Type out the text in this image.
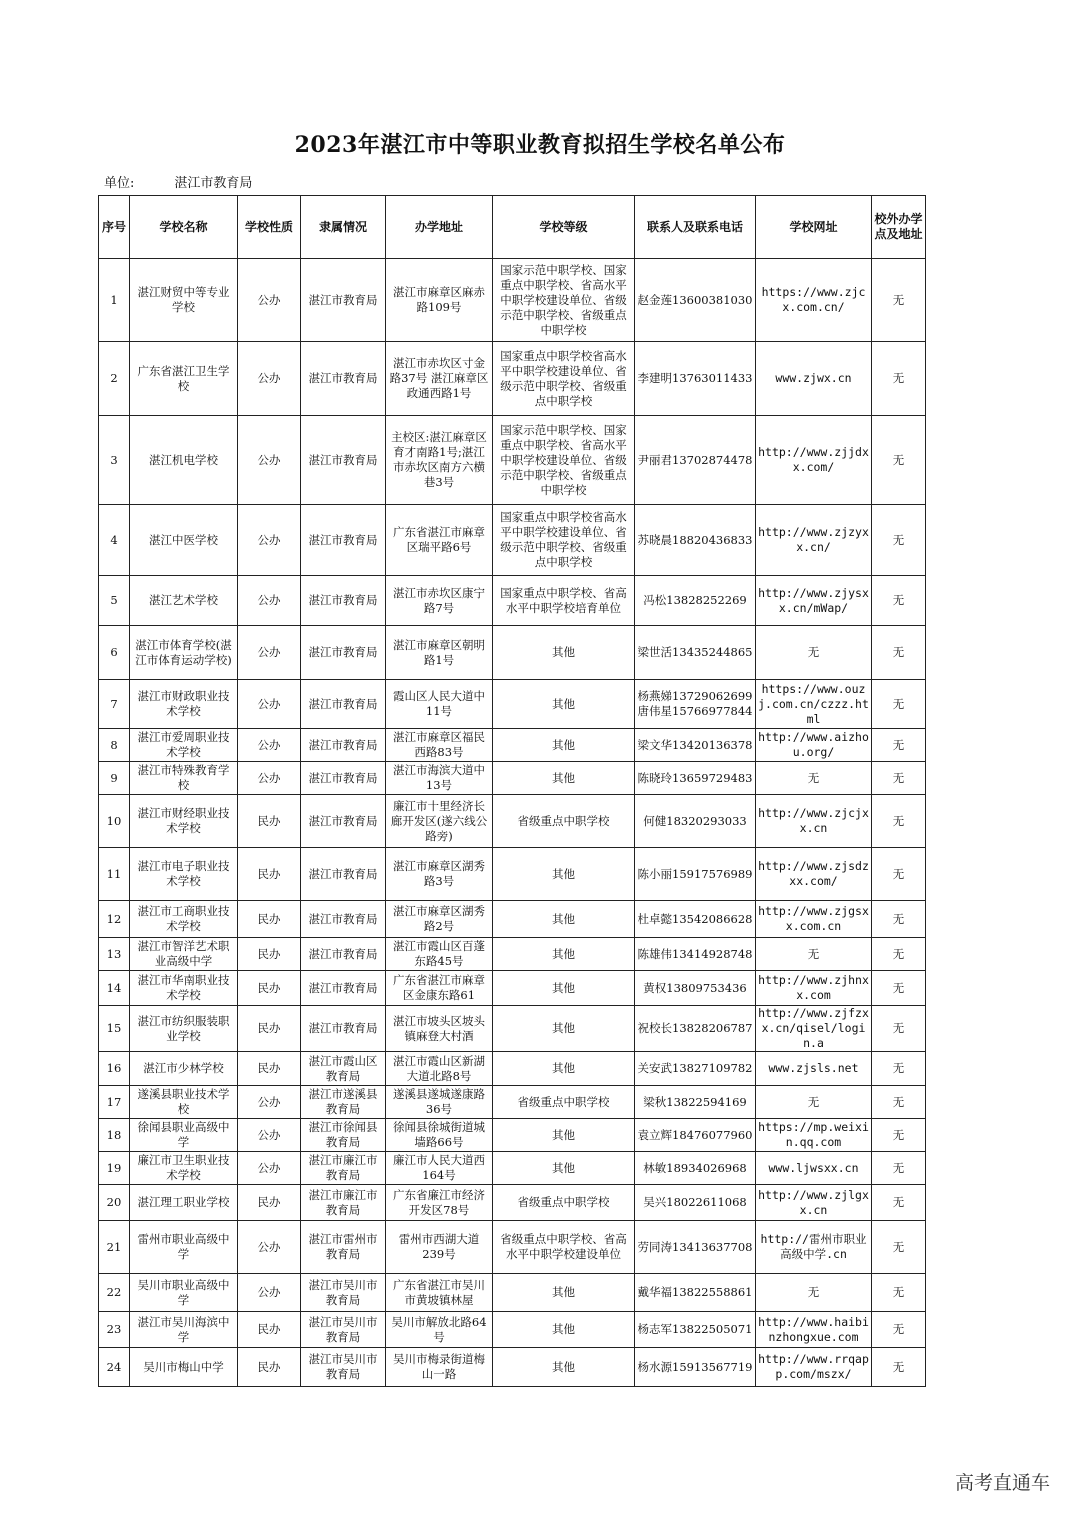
2023年湛江市中等职业教育拟招生学校名单公布
单位:	湛江市教育局
序号	学校名称	学校性质	隶属情况	办学地址	学校等级	联系人及联系电话	学校网址	校外办学点及地址
1	湛江财贸中等专业学校	公办	湛江市教育局	湛江市麻章区麻赤路109号	国家示范中职学校、国家重点中职学校、省高水平中职学校建设单位、省级示范中职学校、省级重点中职学校	赵金莲13600381030	https://www.zjcx.com.cn/	无
2	广东省湛江卫生学校	公办	湛江市教育局	湛江市赤坎区寸金路37号 湛江麻章区政通西路1号	国家重点中职学校省高水平中职学校建设单位、省级示范中职学校、省级重点中职学校	李建明13763011433	www.zjwx.cn	无
3	湛江机电学校	公办	湛江市教育局	主校区:湛江麻章区育才南路1号;湛江市赤坎区南方六横巷3号	国家示范中职学校、国家重点中职学校、省高水平中职学校建设单位、省级示范中职学校、省级重点中职学校	尹丽君13702874478	http://www.zjjdxx.com/	无
4	湛江中医学校	公办	湛江市教育局	广东省湛江市麻章区瑞平路6号	国家重点中职学校省高水平中职学校建设单位、省级示范中职学校、省级重点中职学校	苏晓晨18820436833	http://www.zjzyxx.cn/	无
5	湛江艺术学校	公办	湛江市教育局	湛江市赤坎区康宁路7号	国家重点中职学校、省高水平中职学校培育单位	冯松13828252269	http://www.zjysxx.cn/mWap/	无
6	湛江市体育学校(湛江市体育运动学校)	公办	湛江市教育局	湛江市麻章区朝明路1号	其他	梁世活13435244865	无	无
7	湛江市财政职业技术学校	公办	湛江市教育局	霞山区人民大道中11号	其他	杨燕娣13729062699 唐伟星15766977844	https://www.ouzj.com.cn/czzz.html	无
8	湛江市爱周职业技术学校	公办	湛江市教育局	湛江市麻章区福民西路83号	其他	梁文华13420136378	http://www.aizhou.org/	无
9	湛江市特殊教育学校	公办	湛江市教育局	湛江市海滨大道中13号	其他	陈晓玲13659729483	无	无
10	湛江市财经职业技术学校	民办	湛江市教育局	廉江市十里经济长廊开发区(遂六线公路旁)	省级重点中职学校	何健18320293033	http://www.zjcjxx.cn	无
11	湛江市电子职业技术学校	民办	湛江市教育局	湛江市麻章区湖秀路3号	其他	陈小丽15917576989	http://www.zjsdzxx.com/	无
12	湛江市工商职业技术学校	民办	湛江市教育局	湛江市麻章区湖秀路2号	其他	杜卓懿13542086628	http://www.zjgsxx.com.cn	无
13	湛江市智洋艺术职业高级中学	民办	湛江市教育局	湛江市霞山区百蓬东路45号	其他	陈雄伟13414928748	无	无
14	湛江市华南职业技术学校	民办	湛江市教育局	广东省湛江市麻章区金康东路61	其他	黄权13809753436	http://www.zjhnxx.com	无
15	湛江市纺织服装职业学校	民办	湛江市教育局	湛江市坡头区坡头镇麻登大村酒	其他	祝校长13828206787	http://www.zjfzxx.cn/qisel/login.a	无
16	湛江市少林学校	民办	湛江市霞山区教育局	湛江市霞山区新湖大道北路8号	其他	关安武13827109782	www.zjsls.net	无
17	遂溪县职业技术学校	公办	湛江市遂溪县教育局	遂溪县遂城遂康路36号	省级重点中职学校	梁秋13822594169	无	无
18	徐闻县职业高级中学	公办	湛江市徐闻县教育局	徐闻县徐城街道城墙路66号	其他	袁立辉18476077960	https://mp.weixin.qq.com	无
19	廉江市卫生职业技术学校	公办	湛江市廉江市教育局	廉江市人民大道西164号	其他	林敏18934026968	www.ljwsxx.cn	无
20	湛江理工职业学校	民办	湛江市廉江市教育局	广东省廉江市经济开发区78号	省级重点中职学校	吴兴18022611068	http://www.zjlgxx.cn	无
21	雷州市职业高级中学	公办	湛江市雷州市教育局	雷州市西湖大道239号	省级重点中职学校、省高水平中职学校建设单位	劳同涛13413637708	http://雷州市职业高级中学.cn	无
22	吴川市职业高级中学	公办	湛江市吴川市教育局	广东省湛江市吴川市黄坡镇林屋	其他	戴华福13822558861	无	无
23	湛江市吴川海滨中学	民办	湛江市吴川市教育局	吴川市解放北路64号	其他	杨志军13822505071	http://www.haibinzhongxue.com	无
24	吴川市梅山中学	民办	湛江市吴川市教育局	吴川市梅录街道梅山一路	其他	杨水源15913567719	http://www.rrqapp.com/mszx/	无
高考直通车
